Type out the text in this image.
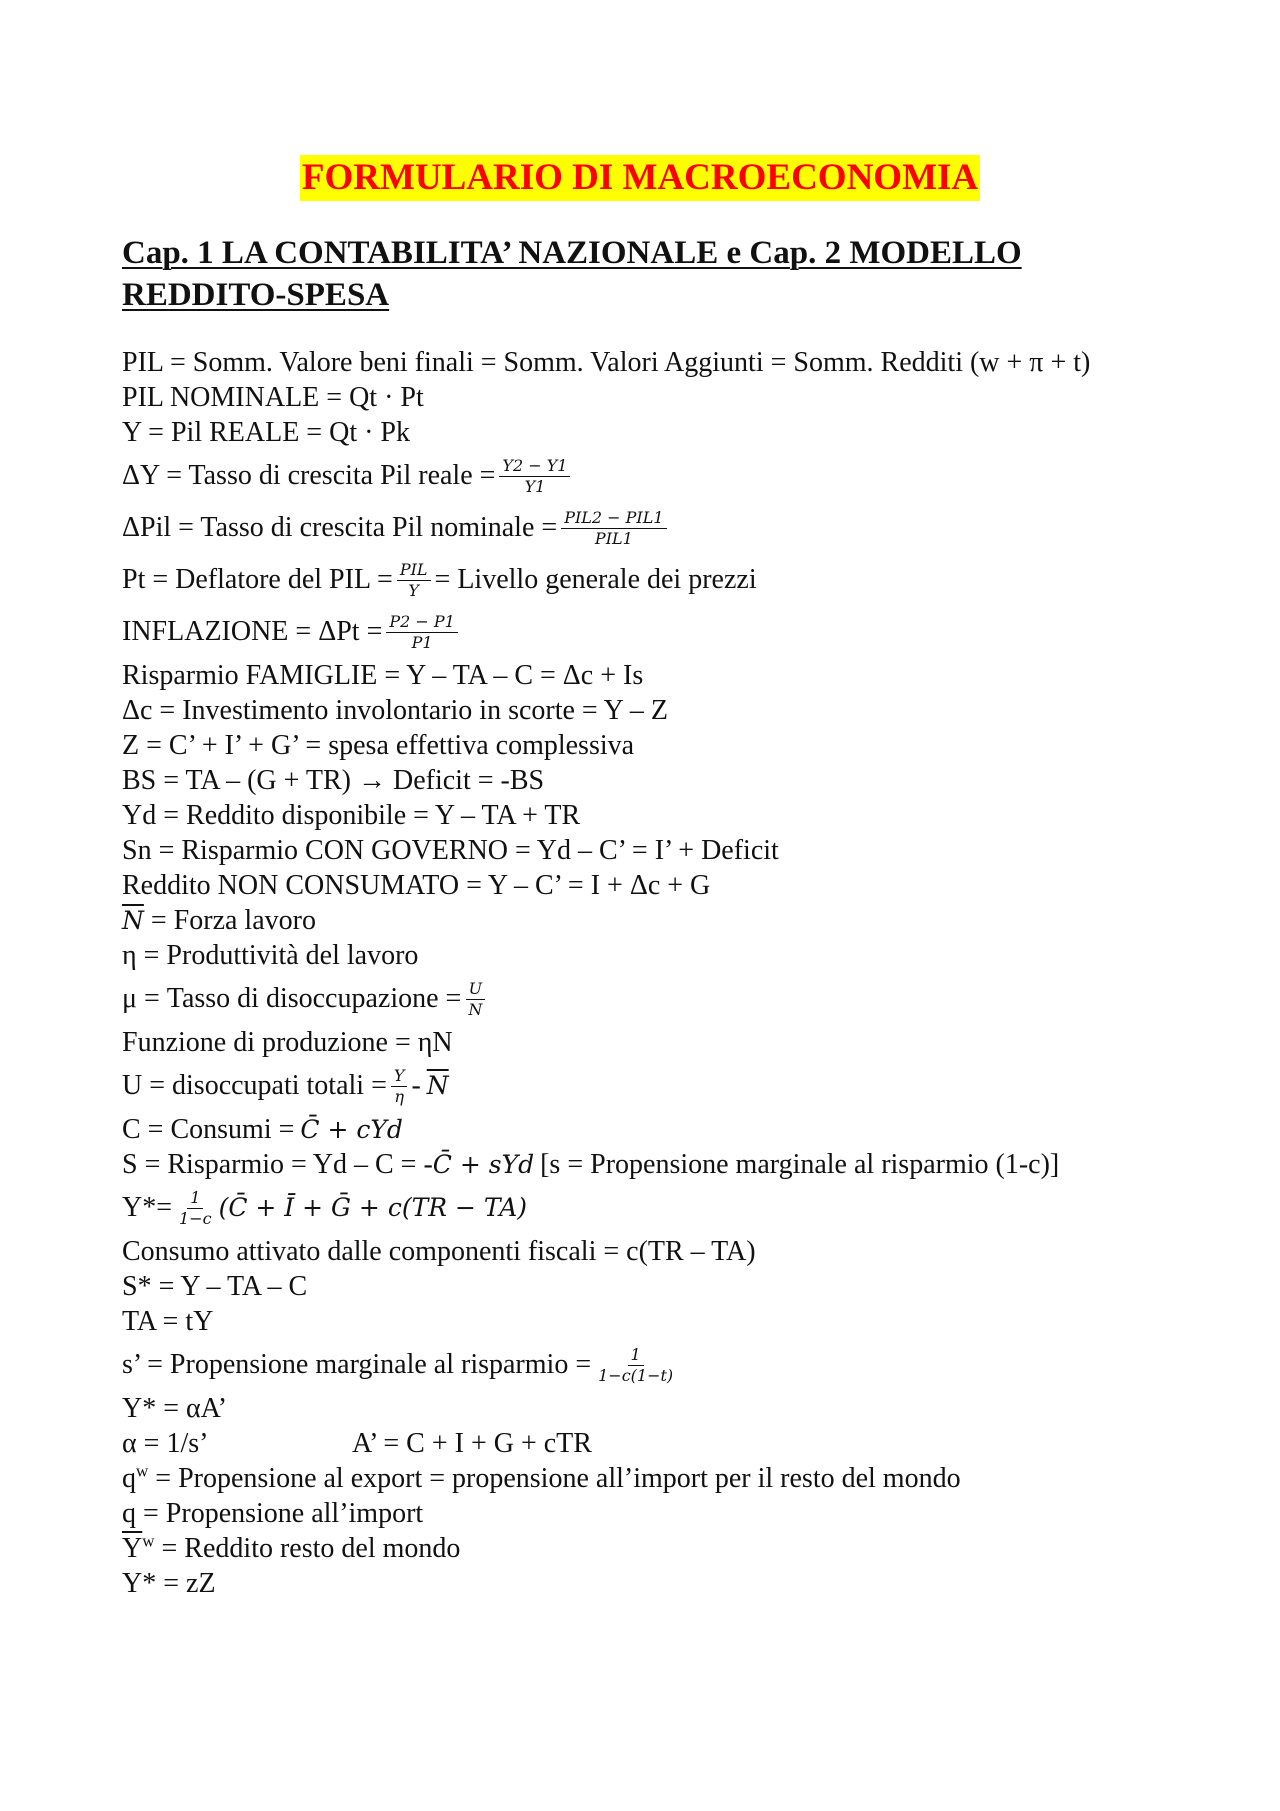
FORMULARIO DI MACROECONOMIA
Cap. 1 LA CONTABILITA’ NAZIONALE e Cap. 2 MODELLO REDDITO-SPESA
PIL = Somm. Valore beni finali = Somm. Valori Aggiunti = Somm. Redditi (w + π + t)
PIL NOMINALE = Qt · Pt
Y = Pil REALE = Qt · Pk
ΔY = Tasso di crescita Pil reale = $\frac{Y2 - Y1}{Y1}$
ΔPil = Tasso di crescita Pil nominale = $\frac{\text{PIL2 − PIL1}}{\text{PIL1}}$
Pt = Deflatore del PIL = $\frac{\text{PIL}}{Y}$ = Livello generale dei prezzi
INFLAZIONE = $\Delta Pt = \frac{P2 - P1}{P1}$
Risparmio FAMIGLIE = Y – TA – C = Δc + Is
Δc = Investimento involontario in scorte = Y – Z
Z = C’ + I’ + G’ = spesa effettiva complessiva
BS = TA – (G + TR) → Deficit = -BS
Yd = Reddito disponibile = Y – TA + TR
Sn = Risparmio CON GOVERNO = Yd – C’ = I’ + Deficit
Reddito NON CONSUMATO = Y – C’ = I + Δc + G
$\overline{N}$ = Forza lavoro
η = Produttività del lavoro
μ = Tasso di disoccupazione = $\frac{U}{N}$
Funzione di produzione = ηN
U = disoccupati totali = $\frac{Y}{\eta} - \overline{N}$
C = Consumi = C̄ + cYd
S = Risparmio = Yd – C = - C̄ + sYd [s = Propensione marginale al risparmio (1-c)]
$Y*= \frac{1}{1-c}$ (C̄ + Ī + Ḡ + c(TR − TA)
Consumo attivato dalle componenti fiscali = c(TR – TA)
S* = Y – TA – C
TA = tY
s’ = Propensione marginale al risparmio = $\frac{1}{1-c(1-t)}$
Y* = αA’
α = 1/s’	A’ = C + I + G + cTR
$q^w$ = Propensione al export = propensione all’import per il resto del mondo
q = Propensione all’import
$\overline{Y}^w$ = Reddito resto del mondo
Y* = zZ
